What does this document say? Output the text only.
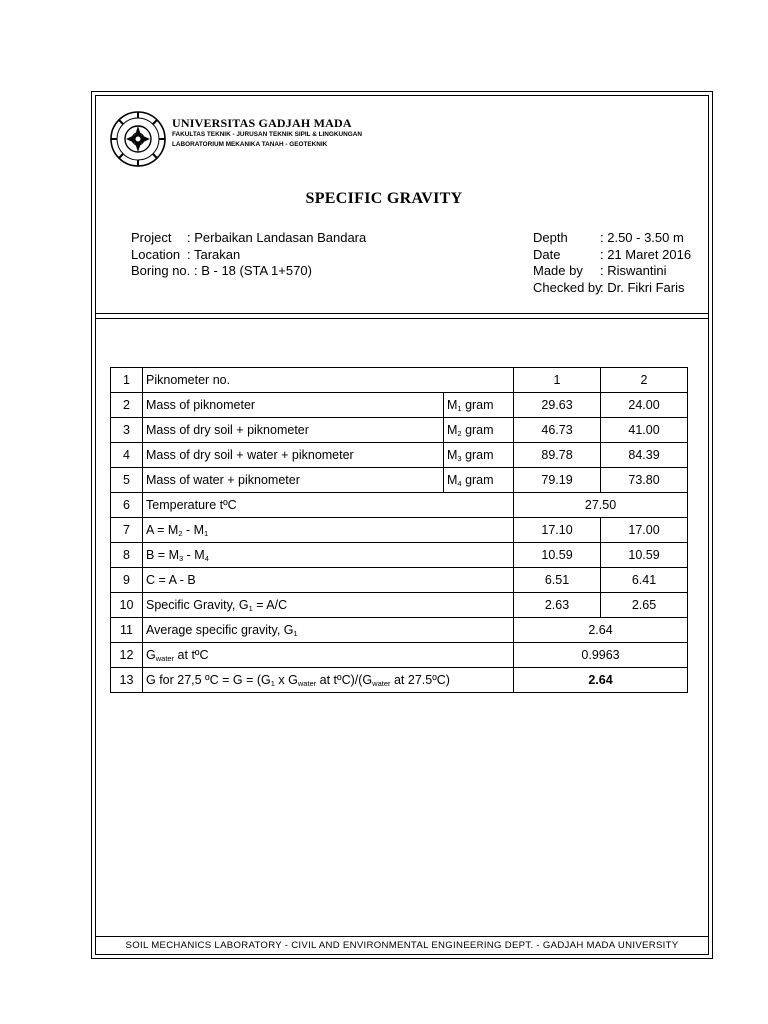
UNIVERSITAS GADJAH MADA
FAKULTAS TEKNIK - JURUSAN TEKNIK SIPIL & LINGKUNGAN
LABORATORIUM MEKANIKA TANAH - GEOTEKNIK
SPECIFIC GRAVITY
Project : Perbaikan Landasan Bandara
Location : Tarakan
Boring no. : B - 18 (STA 1+570)
Depth : 2.50 - 3.50 m
Date	: 21 Maret 2016
Made by : Riswantini
Checked by
: Dr. Fikri Faris
1	Piknometer no.		1	2
2	Mass of piknometer	$M_1$ gram	29.63	24.00
3	Mass of dry soil + piknometer	$M_2$ gram	46.73	41.00
4	Mass of dry soil + water + piknometer	$M_3$ gram	89.78	84.39
5	Mass of water + piknometer	$M_4$ gram	79.19	73.80
6	Temperature tºC		27.50	
7	$A = M_2 - M_1$		17.10	17.00
8	$B = M_3 - M_4$		10.59	10.59
9	C = A - B		6.51	6.41
10	Specific Gravity, $G_1 = A/C$		2.63	2.65
11	Average specific gravity, $G_1$		2.64	
12	$G_{water}$ at tºC		0.9963	
13	G for 27,5 ºC = $G = (G_1$ x $G_{water}$ at $tºC)/(G_{water}$ at 27.5ºC)		2.64	
SOIL MECHANICS LABORATORY - CIVIL AND ENVIRONMENTAL ENGINEERING DEPT. - GADJAH MADA UNIVERSITY
